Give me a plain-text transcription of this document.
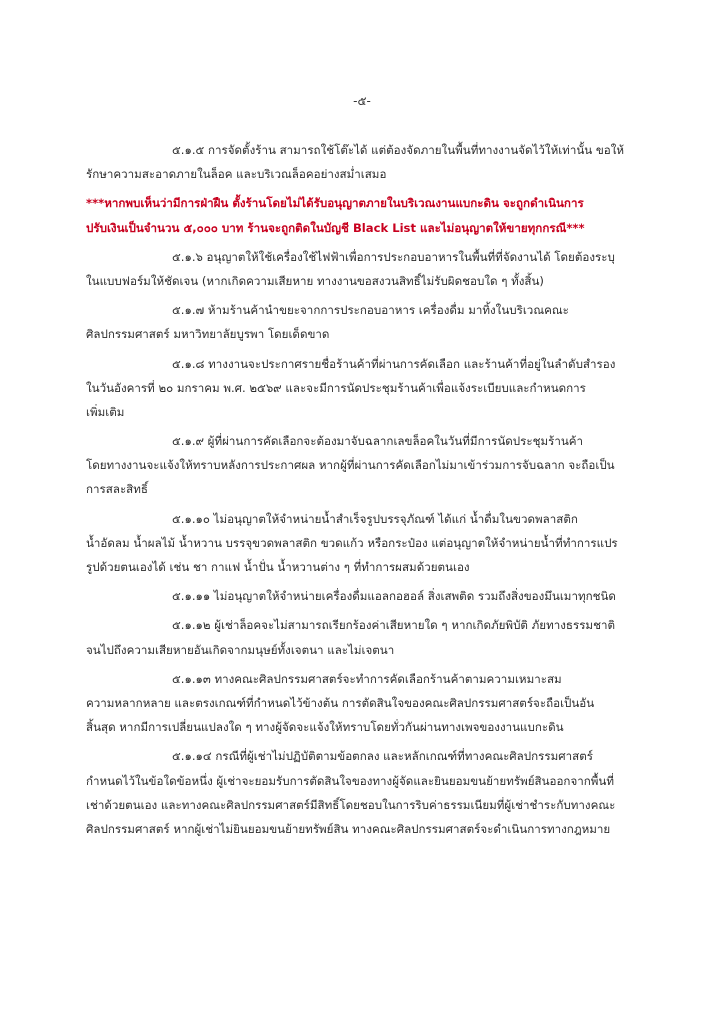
-๕-
๕.๑.๕ การจัดตั้งร้าน สามารถใช้โต๊ะได้ แต่ต้องจัดภายในพื้นที่ทางงานจัดไว้ให้เท่านั้น ขอให้
รักษาความสะอาดภายในล็อค และบริเวณล็อคอย่างสม่ำเสมอ
***หากพบเห็นว่ามีการฝ่าฝืน ตั้งร้านโดยไม่ได้รับอนุญาตภายในบริเวณงานแบกะดิน จะถูกดำเนินการ
ปรับเงินเป็นจำนวน ๕,๐๐๐ บาท ร้านจะถูกติดในบัญชี Black List และไม่อนุญาตให้ขายทุกกรณี***
๕.๑.๖ อนุญาตให้ใช้เครื่องใช้ไฟฟ้าเพื่อการประกอบอาหารในพื้นที่ที่จัดงานได้ โดยต้องระบุ
ในแบบฟอร์มให้ชัดเจน (หากเกิดความเสียหาย ทางงานขอสงวนสิทธิ์ไม่รับผิดชอบใด ๆ ทั้งสิ้น)
๕.๑.๗ ห้ามร้านค้านำขยะจากการประกอบอาหาร เครื่องดื่ม มาทิ้งในบริเวณคณะ
ศิลปกรรมศาสตร์ มหาวิทยาลัยบูรพา โดยเด็ดขาด
๕.๑.๘ ทางงานจะประกาศรายชื่อร้านค้าที่ผ่านการคัดเลือก และร้านค้าที่อยู่ในลำดับสำรอง
ในวันอังคารที่ ๒๐ มกราคม พ.ศ. ๒๕๖๙ และจะมีการนัดประชุมร้านค้าเพื่อแจ้งระเบียบและกำหนดการ
เพิ่มเติม
๕.๑.๙ ผู้ที่ผ่านการคัดเลือกจะต้องมาจับฉลากเลขล็อคในวันที่มีการนัดประชุมร้านค้า
โดยทางงานจะแจ้งให้ทราบหลังการประกาศผล หากผู้ที่ผ่านการคัดเลือกไม่มาเข้าร่วมการจับฉลาก จะถือเป็น
การสละสิทธิ์
๕.๑.๑๐ ไม่อนุญาตให้จำหน่ายน้ำสำเร็จรูปบรรจุภัณฑ์ ได้แก่ น้ำดื่มในขวดพลาสติก
น้ำอัดลม น้ำผลไม้ น้ำหวาน บรรจุขวดพลาสติก ขวดแก้ว หรือกระป๋อง แต่อนุญาตให้จำหน่ายน้ำที่ทำการแปร
รูปด้วยตนเองได้ เช่น ชา กาแฟ น้ำปั่น น้ำหวานต่าง ๆ ที่ทำการผสมด้วยตนเอง
๕.๑.๑๑ ไม่อนุญาตให้จำหน่ายเครื่องดื่มแอลกอฮอล์ สิ่งเสพติด รวมถึงสิ่งของมึนเมาทุกชนิด
๕.๑.๑๒ ผู้เช่าล็อคจะไม่สามารถเรียกร้องค่าเสียหายใด ๆ หากเกิดภัยพิบัติ ภัยทางธรรมชาติ
จนไปถึงความเสียหายอันเกิดจากมนุษย์ทั้งเจตนา และไม่เจตนา
๕.๑.๑๓ ทางคณะศิลปกรรมศาสตร์จะทำการคัดเลือกร้านค้าตามความเหมาะสม
ความหลากหลาย และตรงเกณฑ์ที่กำหนดไว้ข้างต้น การตัดสินใจของคณะศิลปกรรมศาสตร์จะถือเป็นอัน
สิ้นสุด หากมีการเปลี่ยนแปลงใด ๆ ทางผู้จัดจะแจ้งให้ทราบโดยทั่วกันผ่านทางเพจของงานแบกะดิน
๕.๑.๑๔ กรณีที่ผู้เช่าไม่ปฏิบัติตามข้อตกลง และหลักเกณฑ์ที่ทางคณะศิลปกรรมศาสตร์
กำหนดไว้ในข้อใดข้อหนึ่ง ผู้เช่าจะยอมรับการตัดสินใจของทางผู้จัดและยินยอมขนย้ายทรัพย์สินออกจากพื้นที่
เช่าด้วยตนเอง และทางคณะศิลปกรรมศาสตร์มีสิทธิ์โดยชอบในการริบค่าธรรมเนียมที่ผู้เช่าชำระกับทางคณะ
ศิลปกรรมศาสตร์ หากผู้เช่าไม่ยินยอมขนย้ายทรัพย์สิน ทางคณะศิลปกรรมศาสตร์จะดำเนินการทางกฎหมาย
